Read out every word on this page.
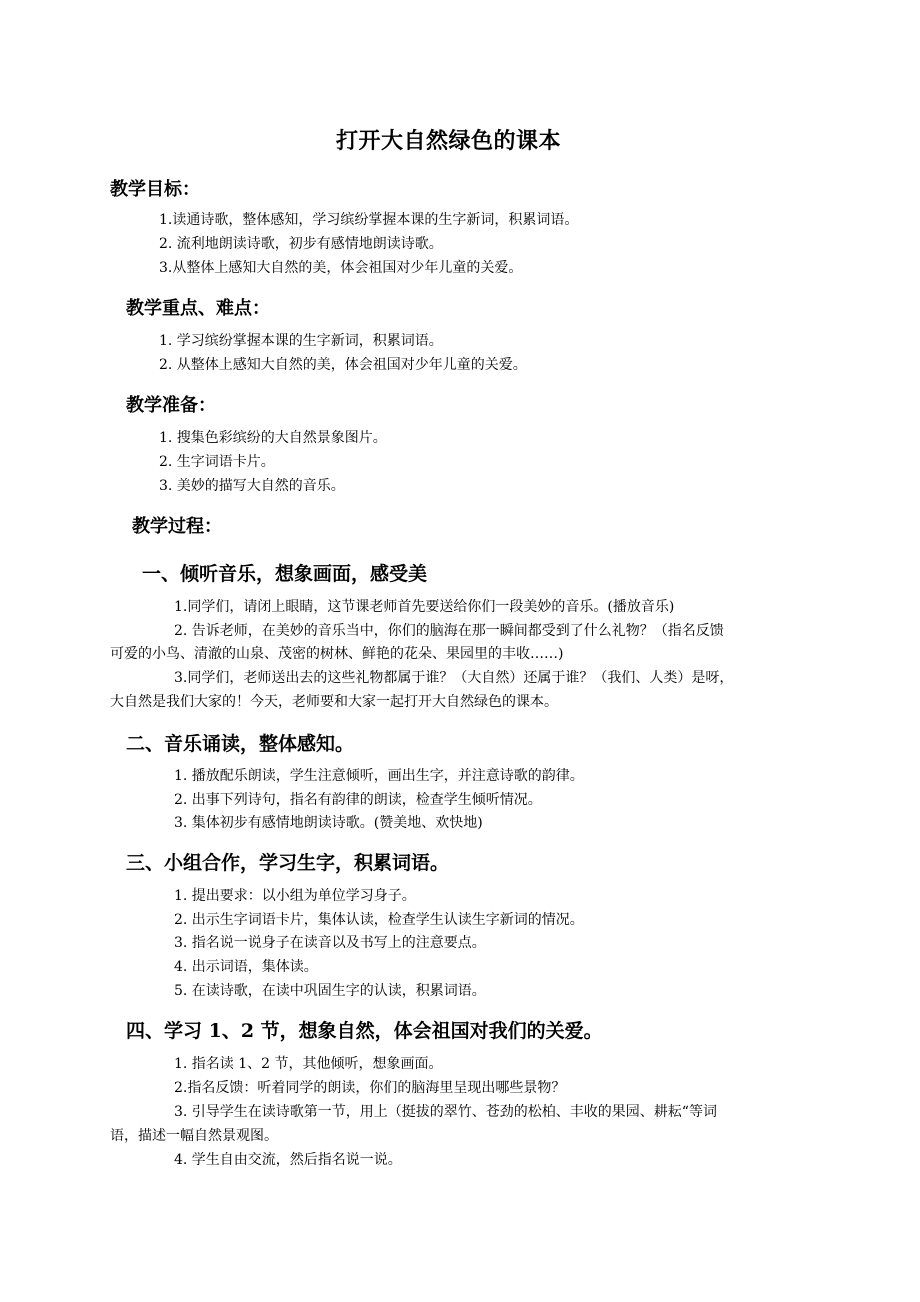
打开大自然绿色的课本
教学目标：
1.读通诗歌，整体感知，学习缤纷掌握本课的生字新词，积累词语。
2. 流利地朗读诗歌，初步有感情地朗读诗歌。
3.从整体上感知大自然的美，体会祖国对少年儿童的关爱。
教学重点、难点：
1. 学习缤纷掌握本课的生字新词，积累词语。
2. 从整体上感知大自然的美，体会祖国对少年儿童的关爱。
教学准备：
1. 搜集色彩缤纷的大自然景象图片。
2. 生字词语卡片。
3. 美妙的描写大自然的音乐。
教学过程：
一、倾听音乐，想象画面，感受美
1.同学们，请闭上眼睛，这节课老师首先要送给你们一段美妙的音乐。(播放音乐)
2. 告诉老师，在美妙的音乐当中，你们的脑海在那一瞬间都受到了什么礼物？（指名反馈
可爱的小鸟、清澈的山泉、茂密的树林、鲜艳的花朵、果园里的丰收……)
3.同学们，老师送出去的这些礼物都属于谁？（大自然）还属于谁？（我们、人类）是呀，
大自然是我们大家的！今天，老师要和大家一起打开大自然绿色的课本。
二、音乐诵读，整体感知。
1. 播放配乐朗读，学生注意倾听，画出生字，并注意诗歌的韵律。
2. 出事下列诗句，指名有韵律的朗读，检查学生倾听情况。
3. 集体初步有感情地朗读诗歌。(赞美地、欢快地)
三、小组合作，学习生字，积累词语。
1. 提出要求：以小组为单位学习身子。
2. 出示生字词语卡片，集体认读，检查学生认读生字新词的情况。
3. 指名说一说身子在读音以及书写上的注意要点。
4. 出示词语，集体读。
5. 在读诗歌，在读中巩固生字的认读，积累词语。
四、学习 1、2 节，想象自然，体会祖国对我们的关爱。
1. 指名读 1、2 节，其他倾听，想象画面。
2.指名反馈：听着同学的朗读，你们的脑海里呈现出哪些景物？
3. 引导学生在读诗歌第一节，用上（挺拔的翠竹、苍劲的松柏、丰收的果园、耕耘“等词
语，描述一幅自然景观图。
4. 学生自由交流，然后指名说一说。
